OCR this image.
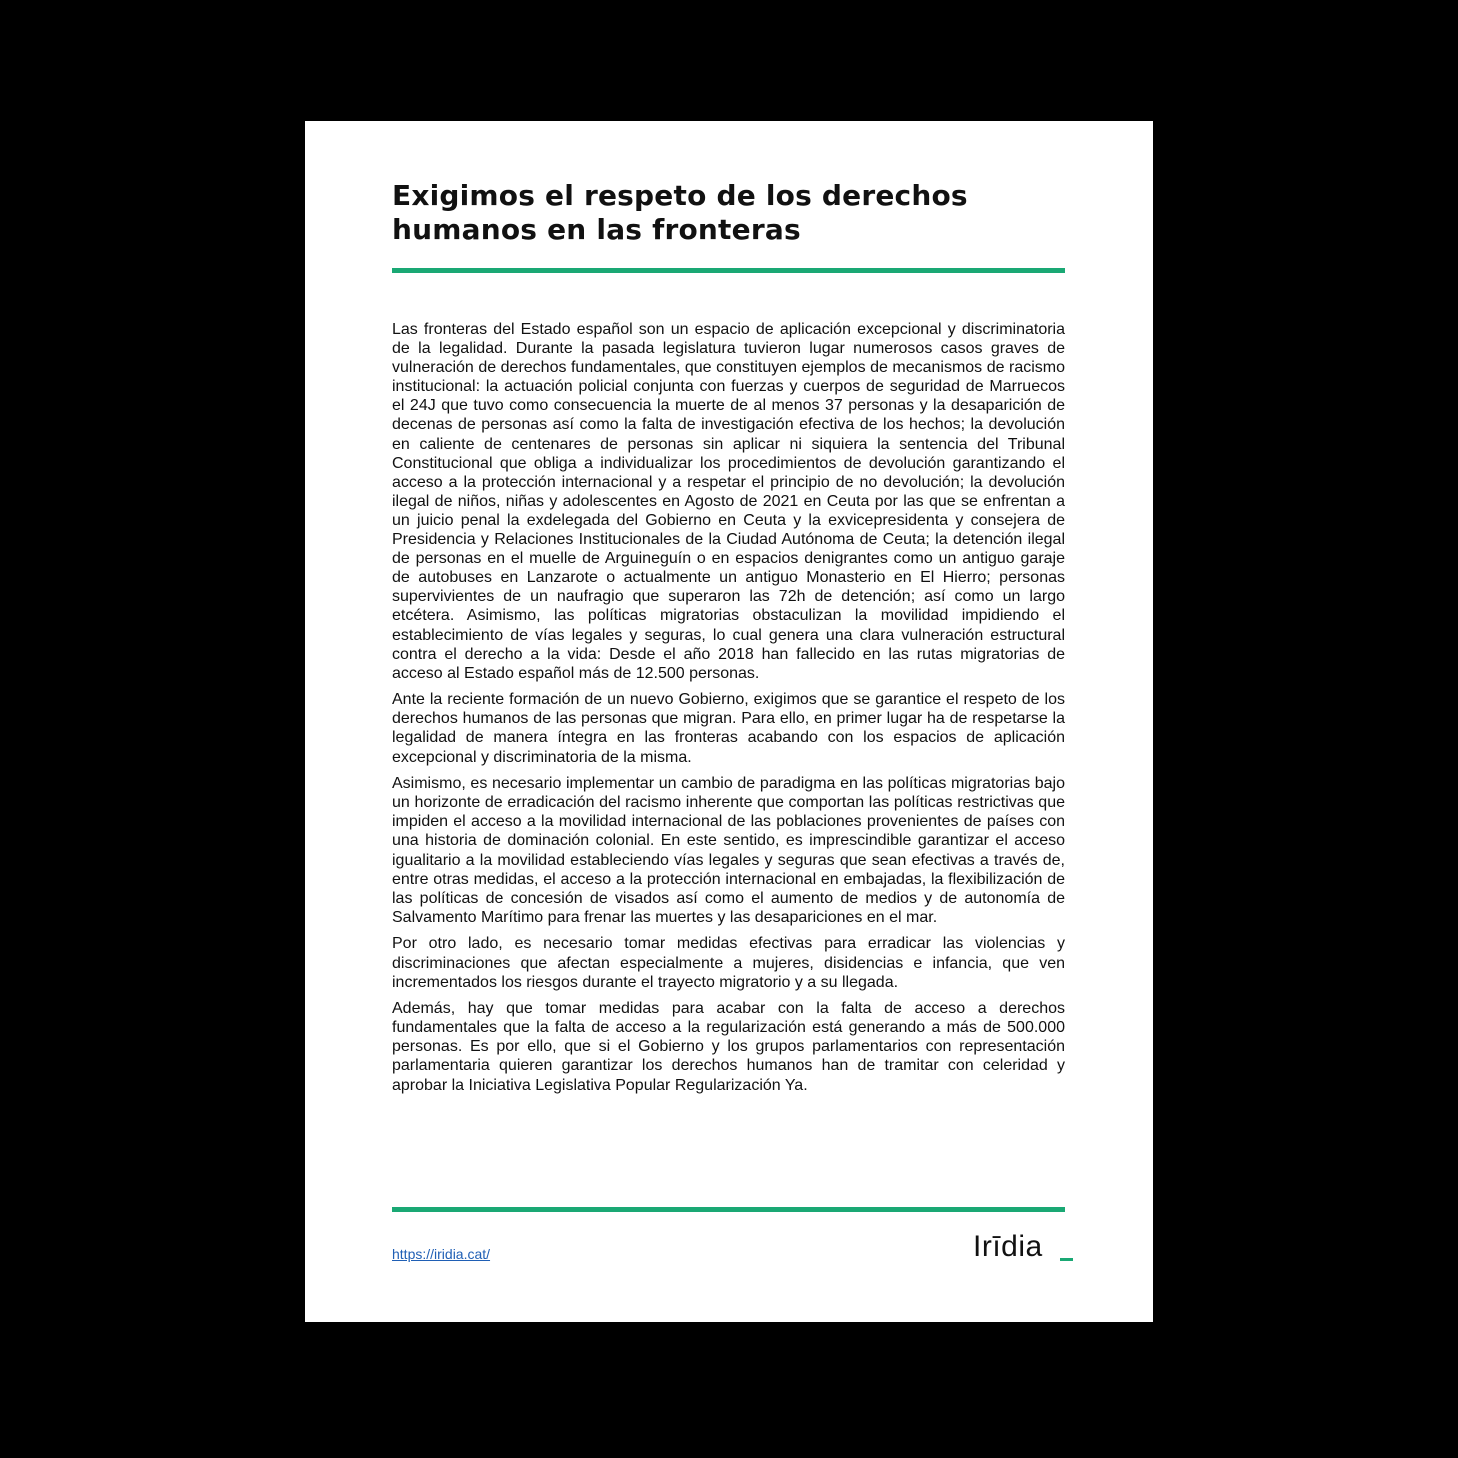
Exigimos el respeto de los derechos
humanos en las fronteras

Las fronteras del Estado español son un espacio de aplicación excepcional y discriminatoria de la legalidad. Durante la pasada legislatura tuvieron lugar numerosos casos graves de vulneración de derechos fundamentales, que constituyen ejemplos de mecanismos de racismo institucional: la actuación policial conjunta con fuerzas y cuerpos de seguridad de Marruecos el 24J que tuvo como consecuencia la muerte de al menos 37 personas y la desaparición de decenas de personas así como la falta de investigación efectiva de los hechos; la devolución en caliente de centenares de personas sin aplicar ni siquiera la sentencia del Tribunal Constitucional que obliga a individualizar los procedimientos de devolución garantizando el acceso a la protección internacional y a respetar el principio de no devolución; la devolución ilegal de niños, niñas y adolescentes en Agosto de 2021 en Ceuta por las que se enfrentan a un juicio penal la exdelegada del Gobierno en Ceuta y la exvicepresidenta y consejera de Presidencia y Relaciones Institucionales de la Ciudad Autónoma de Ceuta; la detención ilegal de personas en el muelle de Arguineguín o en espacios denigrantes como un antiguo garaje de autobuses en Lanzarote o actualmente un antiguo Monasterio en El Hierro; personas supervivientes de un naufragio que superaron las 72h de detención; así como un largo etcétera. Asimismo, las políticas migratorias obstaculizan la movilidad impidiendo el establecimiento de vías legales y seguras, lo cual genera una clara vulneración estructural contra el derecho a la vida: Desde el año 2018 han fallecido en las rutas migratorias de acceso al Estado español más de 12.500 personas.

Ante la reciente formación de un nuevo Gobierno, exigimos que se garantice el respeto de los derechos humanos de las personas que migran. Para ello, en primer lugar ha de respetarse la legalidad de manera íntegra en las fronteras acabando con los espacios de aplicación excepcional y discriminatoria de la misma.

Asimismo, es necesario implementar un cambio de paradigma en las políticas migratorias bajo un horizonte de erradicación del racismo inherente que comportan las políticas restrictivas que impiden el acceso a la movilidad internacional de las poblaciones provenientes de países con una historia de dominación colonial. En este sentido, es imprescindible garantizar el acceso igualitario a la movilidad estableciendo vías legales y seguras que sean efectivas a través de, entre otras medidas, el acceso a la protección internacional en embajadas, la flexibilización de las políticas de concesión de visados así como el aumento de medios y de autonomía de Salvamento Marítimo para frenar las muertes y las desapariciones en el mar.

Por otro lado, es necesario tomar medidas efectivas para erradicar las violencias y discriminaciones que afectan especialmente a mujeres, disidencias e infancia, que ven incrementados los riesgos durante el trayecto migratorio y a su llegada.

Además, hay que tomar medidas para acabar con la falta de acceso a derechos fundamentales que la falta de acceso a la regularización está generando a más de 500.000 personas. Es por ello, que si el Gobierno y los grupos parlamentarios con representación parlamentaria quieren garantizar los derechos humanos han de tramitar con celeridad y aprobar la Iniciativa Legislativa Popular Regularización Ya.

https://iridia.cat/	Irīdia
